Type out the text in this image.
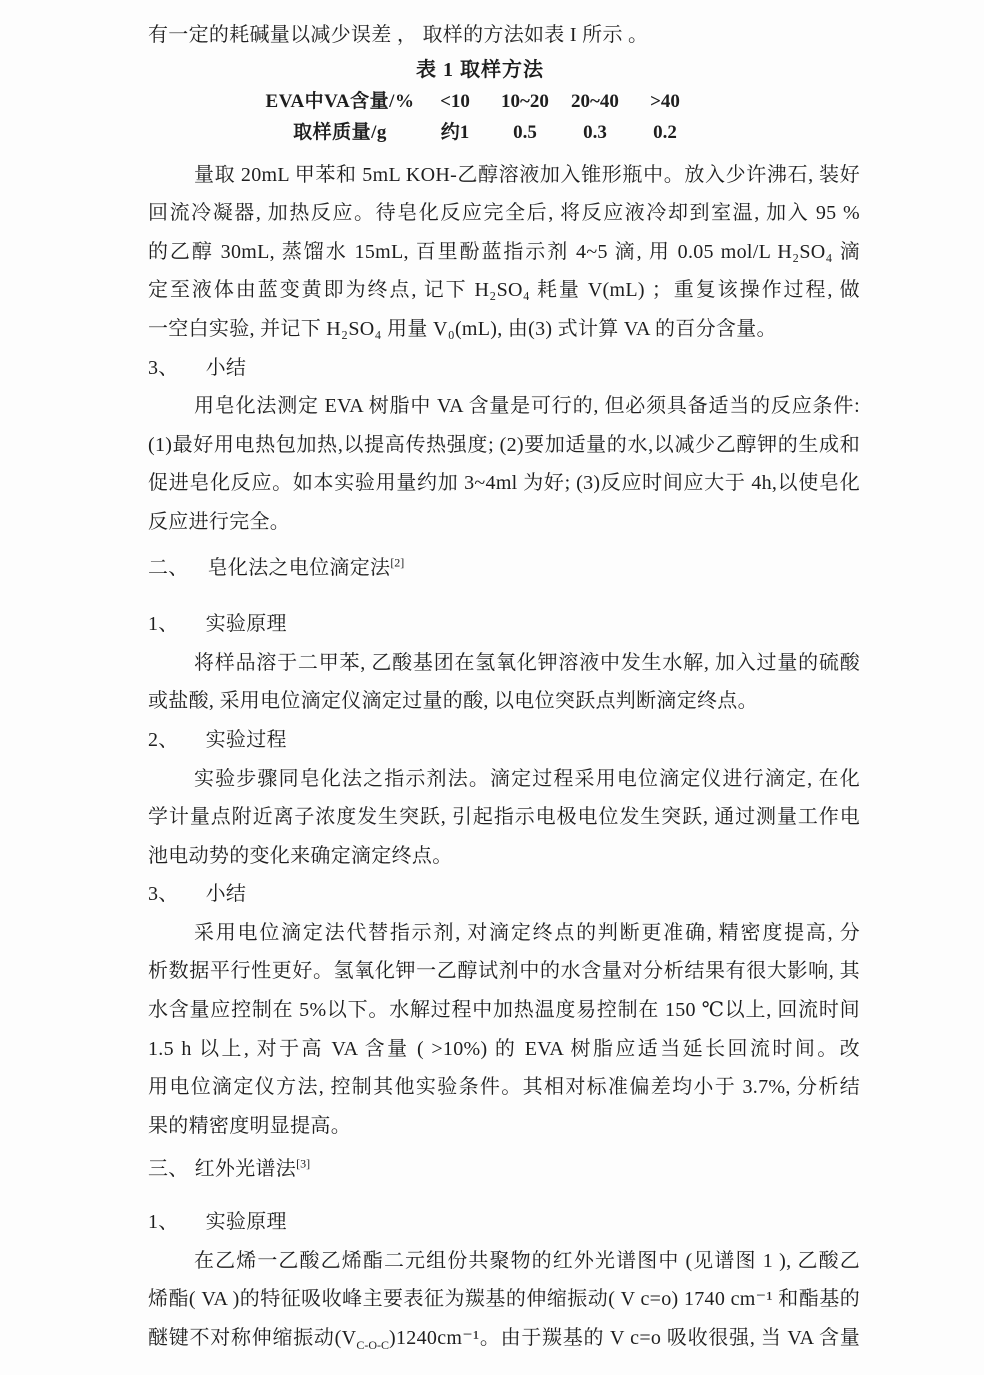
有一定的耗碱量以减少误差 ， 取样的方法如表 I 所示 。
表 1 取样方法
EVA中VA含量/%	<10	10~20	20~40	>40
取样质量/g	约1	0.5	0.3	0.2
量取 20mL 甲苯和 5mL KOH-乙醇溶液加入锥形瓶中。放入少许沸石, 装好
回流冷凝器, 加热反应。待皂化反应完全后, 将反应液冷却到室温, 加入 95 %
的乙醇 30mL, 蒸馏水 15mL, 百里酚蓝指示剂 4~5 滴, 用 0.05 mol/L H₂SO₄ 滴
定至液体由蓝变黄即为终点, 记下 H₂SO₄ 耗量 V(mL) ；重复该操作过程, 做
一空白实验, 并记下 H₂SO₄ 用量 V₀(mL), 由(3) 式计算 VA 的百分含量。
3、 小结
用皂化法测定 EVA 树脂中 VA 含量是可行的, 但必须具备适当的反应条件:
(1)最好用电热包加热,以提高传热强度; (2)要加适量的水,以减少乙醇钾的生成和
促进皂化反应。如本实验用量约加 3~4ml 为好; (3)反应时间应大于 4h,以使皂化
反应进行完全。
二、 皂化法之电位滴定法[2]
1、 实验原理
将样品溶于二甲苯, 乙酸基团在氢氧化钾溶液中发生水解, 加入过量的硫酸
或盐酸, 采用电位滴定仪滴定过量的酸, 以电位突跃点判断滴定终点。
2、 实验过程
实验步骤同皂化法之指示剂法。滴定过程采用电位滴定仪进行滴定, 在化
学计量点附近离子浓度发生突跃, 引起指示电极电位发生突跃, 通过测量工作电
池电动势的变化来确定滴定终点。
3、 小结
采用电位滴定法代替指示剂, 对滴定终点的判断更准确, 精密度提高, 分
析数据平行性更好。氢氧化钾一乙醇试剂中的水含量对分析结果有很大影响, 其
水含量应控制在 5%以下。水解过程中加热温度易控制在 150 ℃以上, 回流时间
1.5 h 以上, 对于高 VA 含量 ( >10%) 的 EVA 树脂应适当延长回流时间。改
用电位滴定仪方法, 控制其他实验条件。其相对标准偏差均小于 3.7%, 分析结
果的精密度明显提高。
三、 红外光谱法[3]
1、 实验原理
在乙烯一乙酸乙烯酯二元组份共聚物的红外光谱图中 (见谱图 1 ), 乙酸乙
烯酯( VA )的特征吸收峰主要表征为羰基的伸缩振动( V c=o) 1740 cm⁻¹ 和酯基的
醚键不对称伸缩振动$(V_{C-O-C})1240cm^{-1}$。由于羰基的 V c=o 吸收很强, 当 VA 含量
